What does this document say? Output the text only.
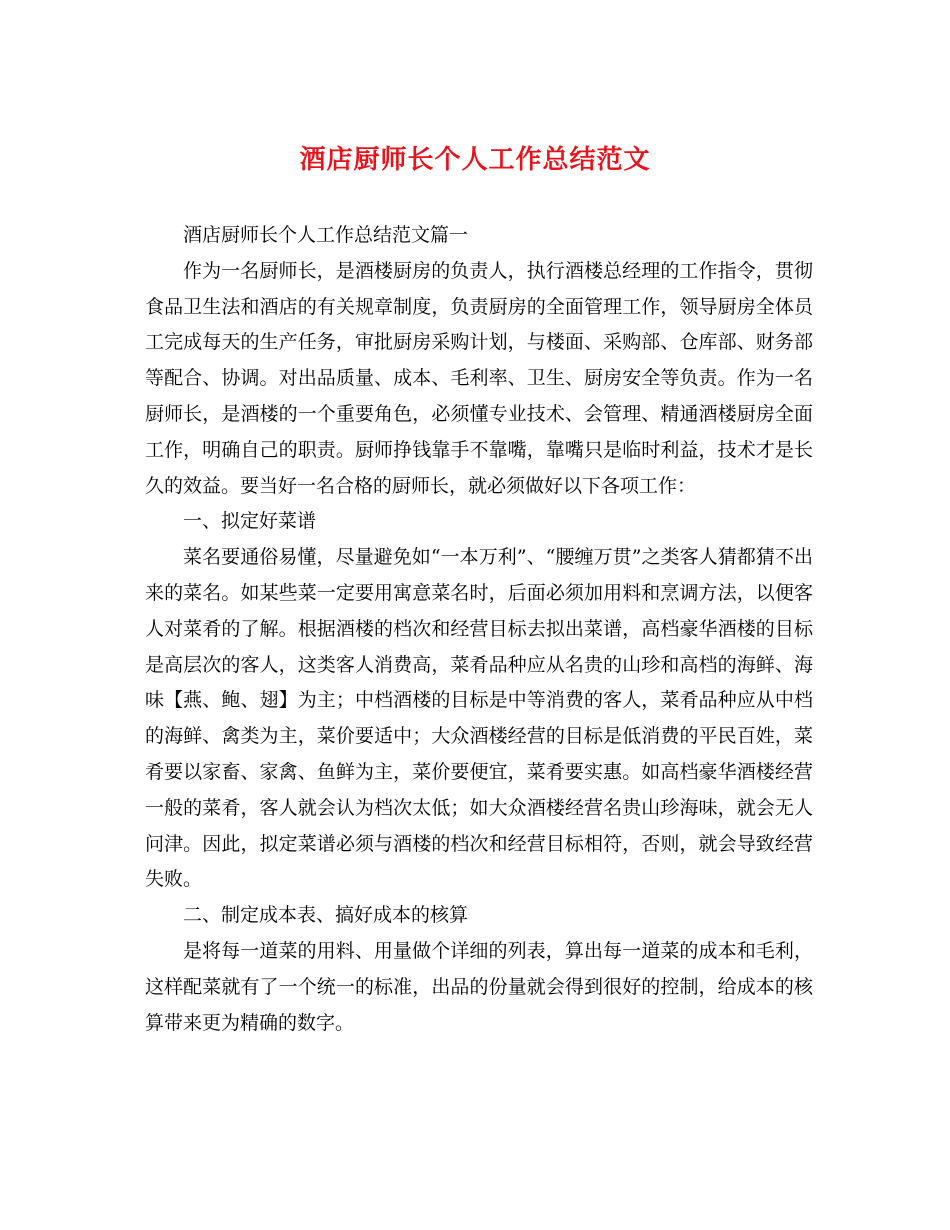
酒店厨师长个人工作总结范文

酒店厨师长个人工作总结范文篇一

作为一名厨师长，是酒楼厨房的负责人，执行酒楼总经理的工作指令，贯彻食品卫生法和酒店的有关规章制度，负责厨房的全面管理工作，领导厨房全体员工完成每天的生产任务，审批厨房采购计划，与楼面、采购部、仓库部、财务部等配合、协调。对出品质量、成本、毛利率、卫生、厨房安全等负责。作为一名厨师长，是酒楼的一个重要角色，必须懂专业技术、会管理、精通酒楼厨房全面工作，明确自己的职责。厨师挣钱靠手不靠嘴，靠嘴只是临时利益，技术才是长久的效益。要当好一名合格的厨师长，就必须做好以下各项工作：

一、拟定好菜谱

菜名要通俗易懂，尽量避免如“一本万利”、“腰缠万贯”之类客人猜都猜不出来的菜名。如某些菜一定要用寓意菜名时，后面必须加用料和烹调方法，以便客人对菜肴的了解。根据酒楼的档次和经营目标去拟出菜谱，高档豪华酒楼的目标是高层次的客人，这类客人消费高，菜肴品种应从名贵的山珍和高档的海鲜、海味【燕、鲍、翅】为主；中档酒楼的目标是中等消费的客人，菜肴品种应从中档的海鲜、禽类为主，菜价要适中；大众酒楼经营的目标是低消费的平民百姓，菜肴要以家畜、家禽、鱼鲜为主，菜价要便宜，菜肴要实惠。如高档豪华酒楼经营一般的菜肴，客人就会认为档次太低；如大众酒楼经营名贵山珍海味，就会无人问津。因此，拟定菜谱必须与酒楼的档次和经营目标相符，否则，就会导致经营失败。

二、制定成本表、搞好成本的核算

是将每一道菜的用料、用量做个详细的列表，算出每一道菜的成本和毛利，这样配菜就有了一个统一的标准，出品的份量就会得到很好的控制，给成本的核算带来更为精确的数字。
